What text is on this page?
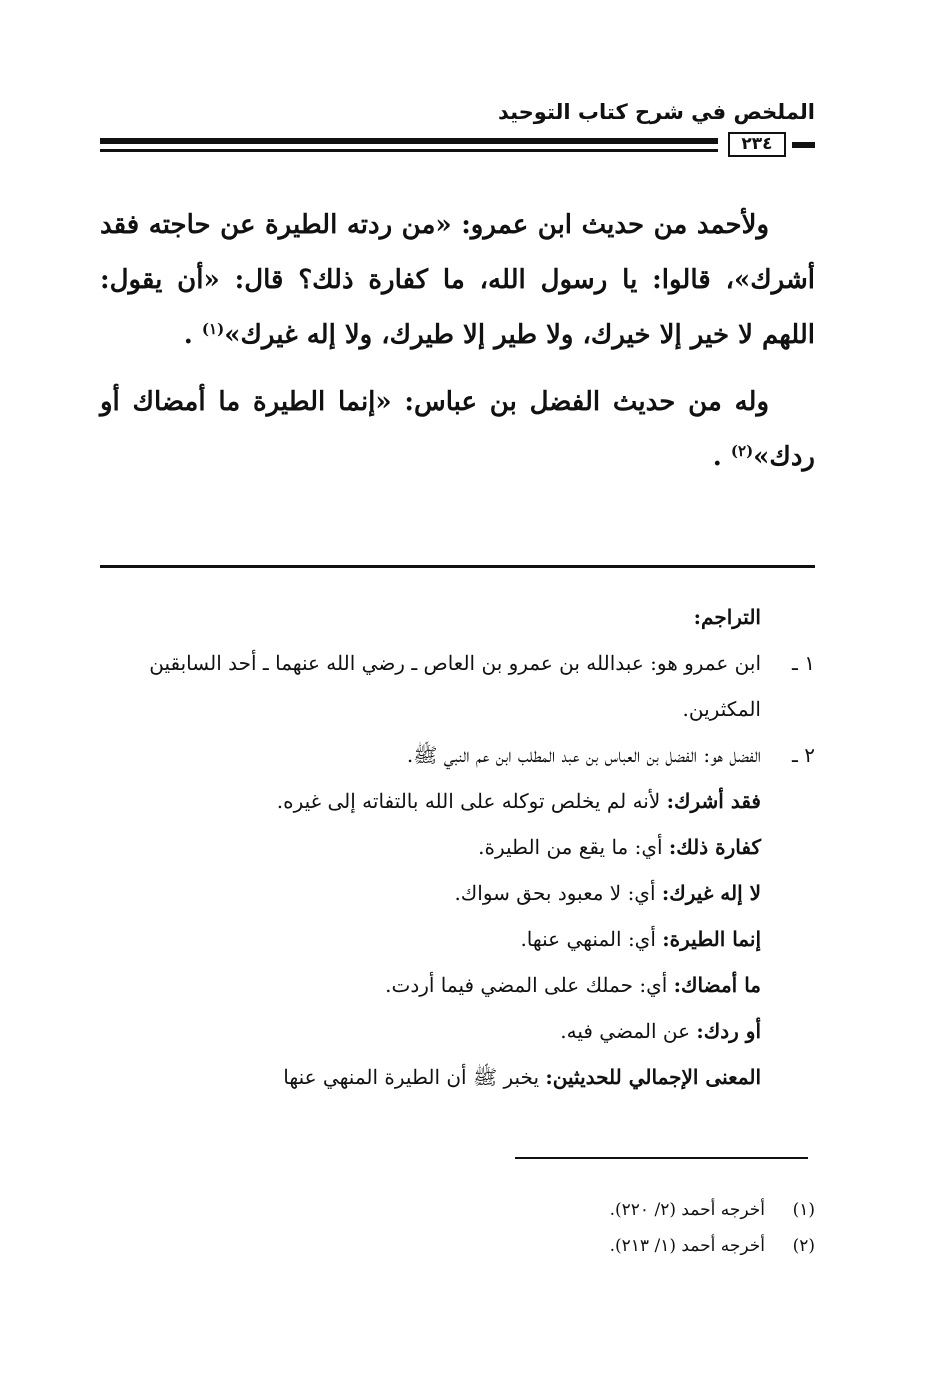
الملخص في شرح كتاب التوحيد
٢٣٤

ولأحمد من حديث ابن عمرو: «من ردته الطيرة عن حاجته فقد أشرك»، قالوا: يا رسول الله، ما كفارة ذلك؟ قال: «أن يقول: اللهم لا خير إلا خيرك، ولا طير إلا طيرك، ولا إله غيرك»$^{(١)}$ .

وله من حديث الفضل بن عباس: «إنما الطيرة ما أمضاك أو ردك»$^{(٢)}$ .

التراجم:
١ ـ
ابن عمرو هو: عبدالله بن عمرو بن العاص ـ رضي الله عنهما ـ أحد السابقين المكثرين.
٢ ـ
الفضل هو: الفضل بن العباس بن عبد المطلب ابن عم النبي ﷺ.
فقد أشرك: لأنه لم يخلص توكله على الله بالتفاته إلى غيره.
كفارة ذلك: أي: ما يقع من الطيرة.
لا إله غيرك: أي: لا معبود بحق سواك.
إنما الطيرة: أي: المنهي عنها.
ما أمضاك: أي: حملك على المضي فيما أردت.
أو ردك: عن المضي فيه.
المعنى الإجمالي للحديثين: يخبر ﷺ أن الطيرة المنهي عنها
(١)
أخرجه أحمد (٢/ ٢٢٠).
(٢)
أخرجه أحمد (١/ ٢١٣).
